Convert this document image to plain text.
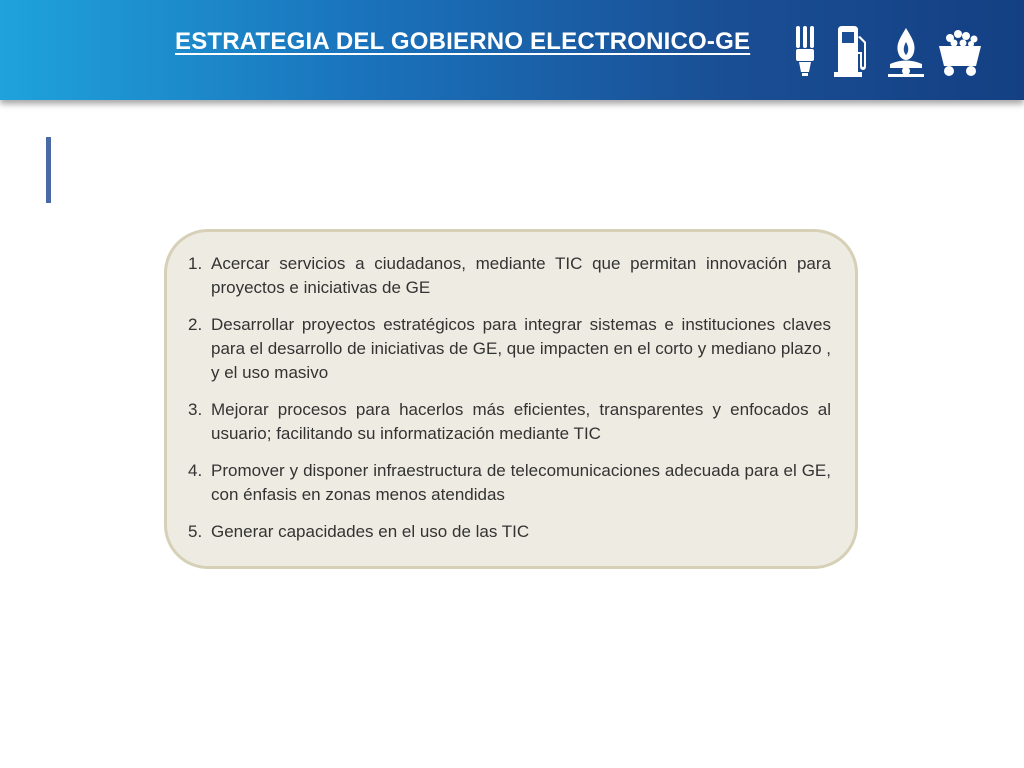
ESTRATEGIA DEL GOBIERNO ELECTRONICO-GE
1. Acercar servicios a ciudadanos, mediante TIC que permitan innovación para proyectos e iniciativas de GE
2. Desarrollar proyectos estratégicos para integrar sistemas e instituciones claves para el desarrollo de iniciativas de GE, que impacten en el corto y mediano plazo , y el uso masivo
3. Mejorar procesos para hacerlos más eficientes, transparentes y enfocados al usuario; facilitando su informatización mediante TIC
4. Promover y disponer infraestructura de telecomunicaciones adecuada para el GE, con énfasis en zonas menos atendidas
5. Generar capacidades en el uso de las TIC
